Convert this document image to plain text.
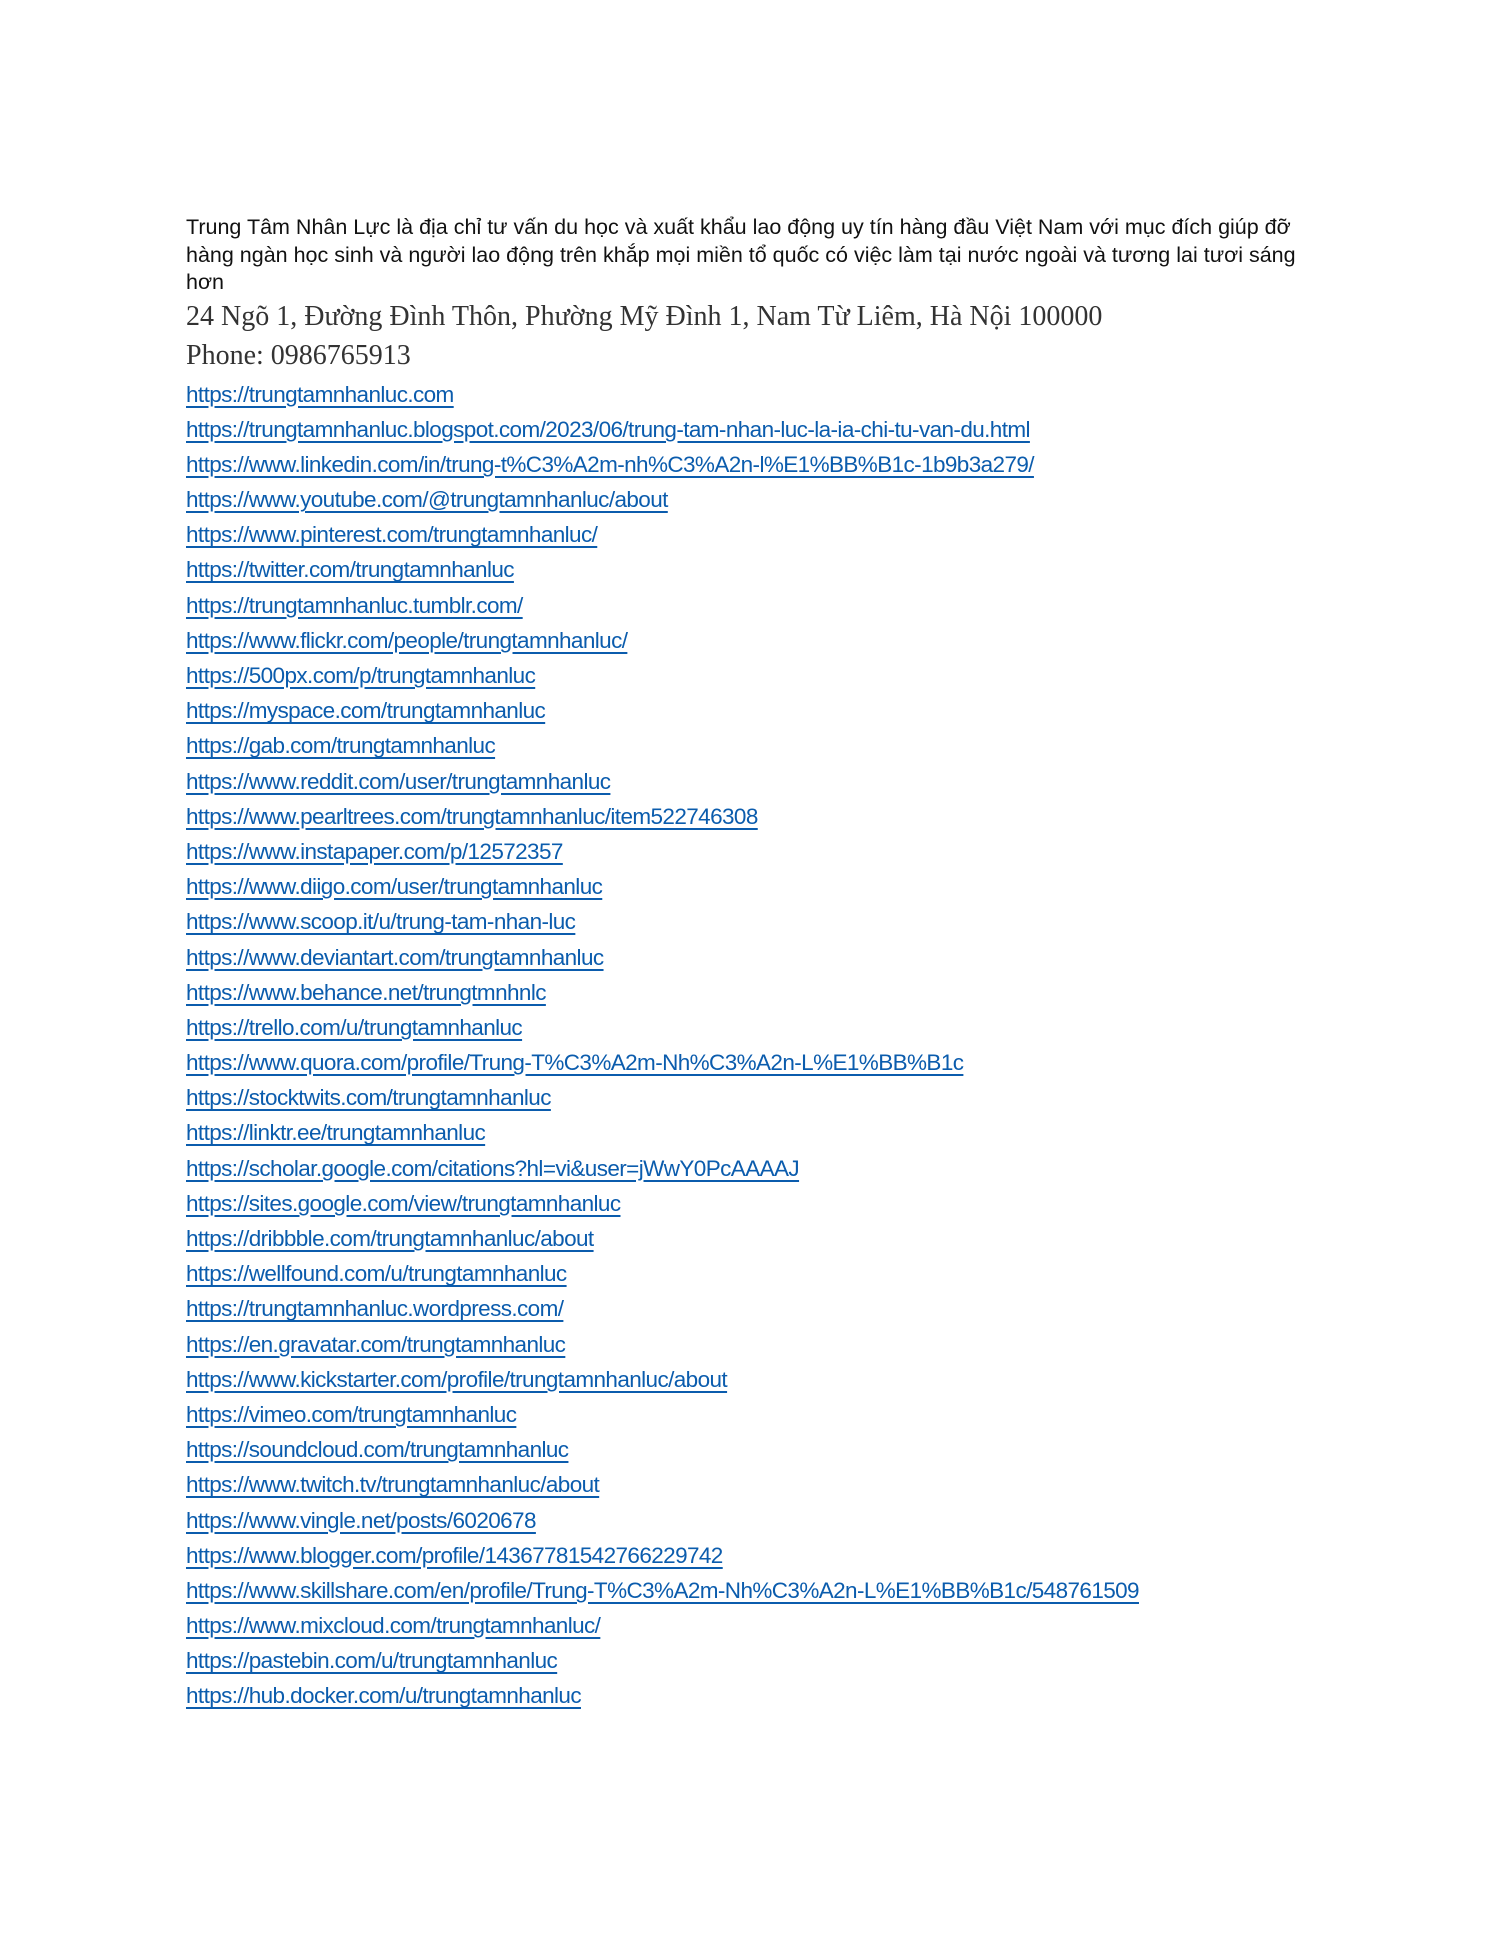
Trung Tâm Nhân Lực là địa chỉ tư vấn du học và xuất khẩu lao động uy tín hàng đầu Việt Nam với mục đích giúp đỡ hàng ngàn học sinh và người lao động trên khắp mọi miền tổ quốc có việc làm tại nước ngoài và tương lai tươi sáng hơn

24 Ngõ 1, Đường Đình Thôn, Phường Mỹ Đình 1, Nam Từ Liêm, Hà Nội 100000

Phone: 0986765913

https://trungtamnhanluc.com
https://trungtamnhanluc.blogspot.com/2023/06/trung-tam-nhan-luc-la-ia-chi-tu-van-du.html
https://www.linkedin.com/in/trung-t%C3%A2m-nh%C3%A2n-l%E1%BB%B1c-1b9b3a279/
https://www.youtube.com/@trungtamnhanluc/about
https://www.pinterest.com/trungtamnhanluc/
https://twitter.com/trungtamnhanluc
https://trungtamnhanluc.tumblr.com/
https://www.flickr.com/people/trungtamnhanluc/
https://500px.com/p/trungtamnhanluc
https://myspace.com/trungtamnhanluc
https://gab.com/trungtamnhanluc
https://www.reddit.com/user/trungtamnhanluc
https://www.pearltrees.com/trungtamnhanluc/item522746308
https://www.instapaper.com/p/12572357
https://www.diigo.com/user/trungtamnhanluc
https://www.scoop.it/u/trung-tam-nhan-luc
https://www.deviantart.com/trungtamnhanluc
https://www.behance.net/trungtmnhnlc
https://trello.com/u/trungtamnhanluc
https://www.quora.com/profile/Trung-T%C3%A2m-Nh%C3%A2n-L%E1%BB%B1c
https://stocktwits.com/trungtamnhanluc
https://linktr.ee/trungtamnhanluc
https://scholar.google.com/citations?hl=vi&user=jWwY0PcAAAAJ
https://sites.google.com/view/trungtamnhanluc
https://dribbble.com/trungtamnhanluc/about
https://wellfound.com/u/trungtamnhanluc
https://trungtamnhanluc.wordpress.com/
https://en.gravatar.com/trungtamnhanluc
https://www.kickstarter.com/profile/trungtamnhanluc/about
https://vimeo.com/trungtamnhanluc
https://soundcloud.com/trungtamnhanluc
https://www.twitch.tv/trungtamnhanluc/about
https://www.vingle.net/posts/6020678
https://www.blogger.com/profile/14367781542766229742
https://www.skillshare.com/en/profile/Trung-T%C3%A2m-Nh%C3%A2n-L%E1%BB%B1c/548761509
https://www.mixcloud.com/trungtamnhanluc/
https://pastebin.com/u/trungtamnhanluc
https://hub.docker.com/u/trungtamnhanluc
